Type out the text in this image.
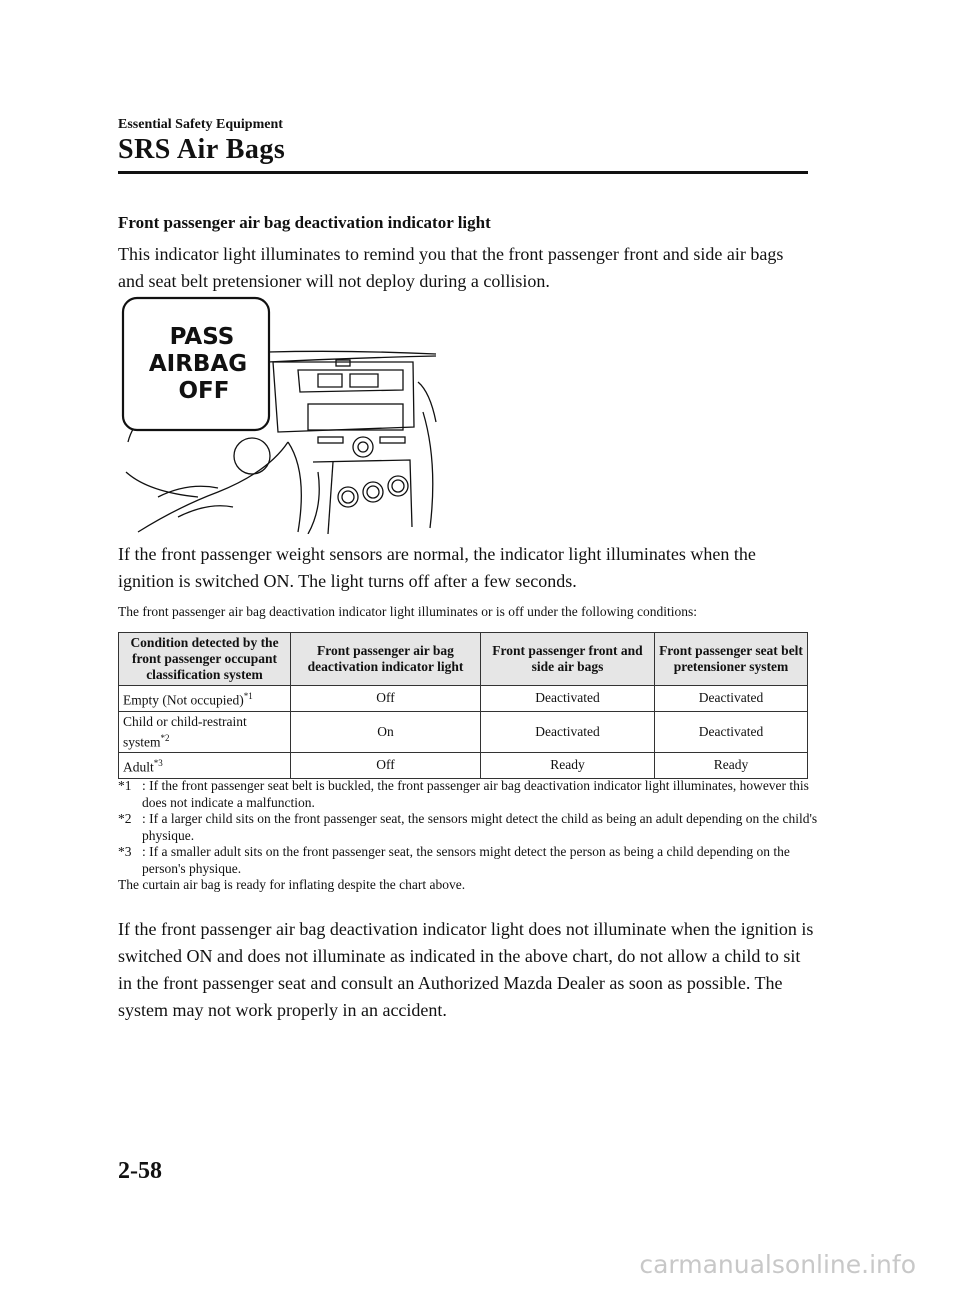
Essential Safety Equipment
SRS Air Bags
Front passenger air bag deactivation indicator light
This indicator light illuminates to remind you that the front passenger front and side air bags and seat belt pretensioner will not deploy during a collision.
PASS
AIRBAG
OFF
If the front passenger weight sensors are normal, the indicator light illuminates when the ignition is switched ON. The light turns off after a few seconds.
The front passenger air bag deactivation indicator light illuminates or is off under the following conditions:
Condition detected by the front passenger occupant classification system	Front passenger air bag deactivation indicator light	Front passenger front and side air bags	Front passenger seat belt pretensioner system
Empty (Not occupied)$^{*1}$	Off	Deactivated	Deactivated
Child or child-restraint system$^{*2}$	On	Deactivated	Deactivated
Adult$^{*3}$	Off	Ready	Ready
*1 : If the front passenger seat belt is buckled, the front passenger air bag deactivation indicator light illuminates, however this does not indicate a malfunction.
*2 : If a larger child sits on the front passenger seat, the sensors might detect the child as being an adult depending on the child's physique.
*3 : If a smaller adult sits on the front passenger seat, the sensors might detect the person as being a child depending on the person's physique.
The curtain air bag is ready for inflating despite the chart above.
If the front passenger air bag deactivation indicator light does not illuminate when the ignition is switched ON and does not illuminate as indicated in the above chart, do not allow a child to sit in the front passenger seat and consult an Authorized Mazda Dealer as soon as possible. The system may not work properly in an accident.
2-58
carmanualsonline.info
